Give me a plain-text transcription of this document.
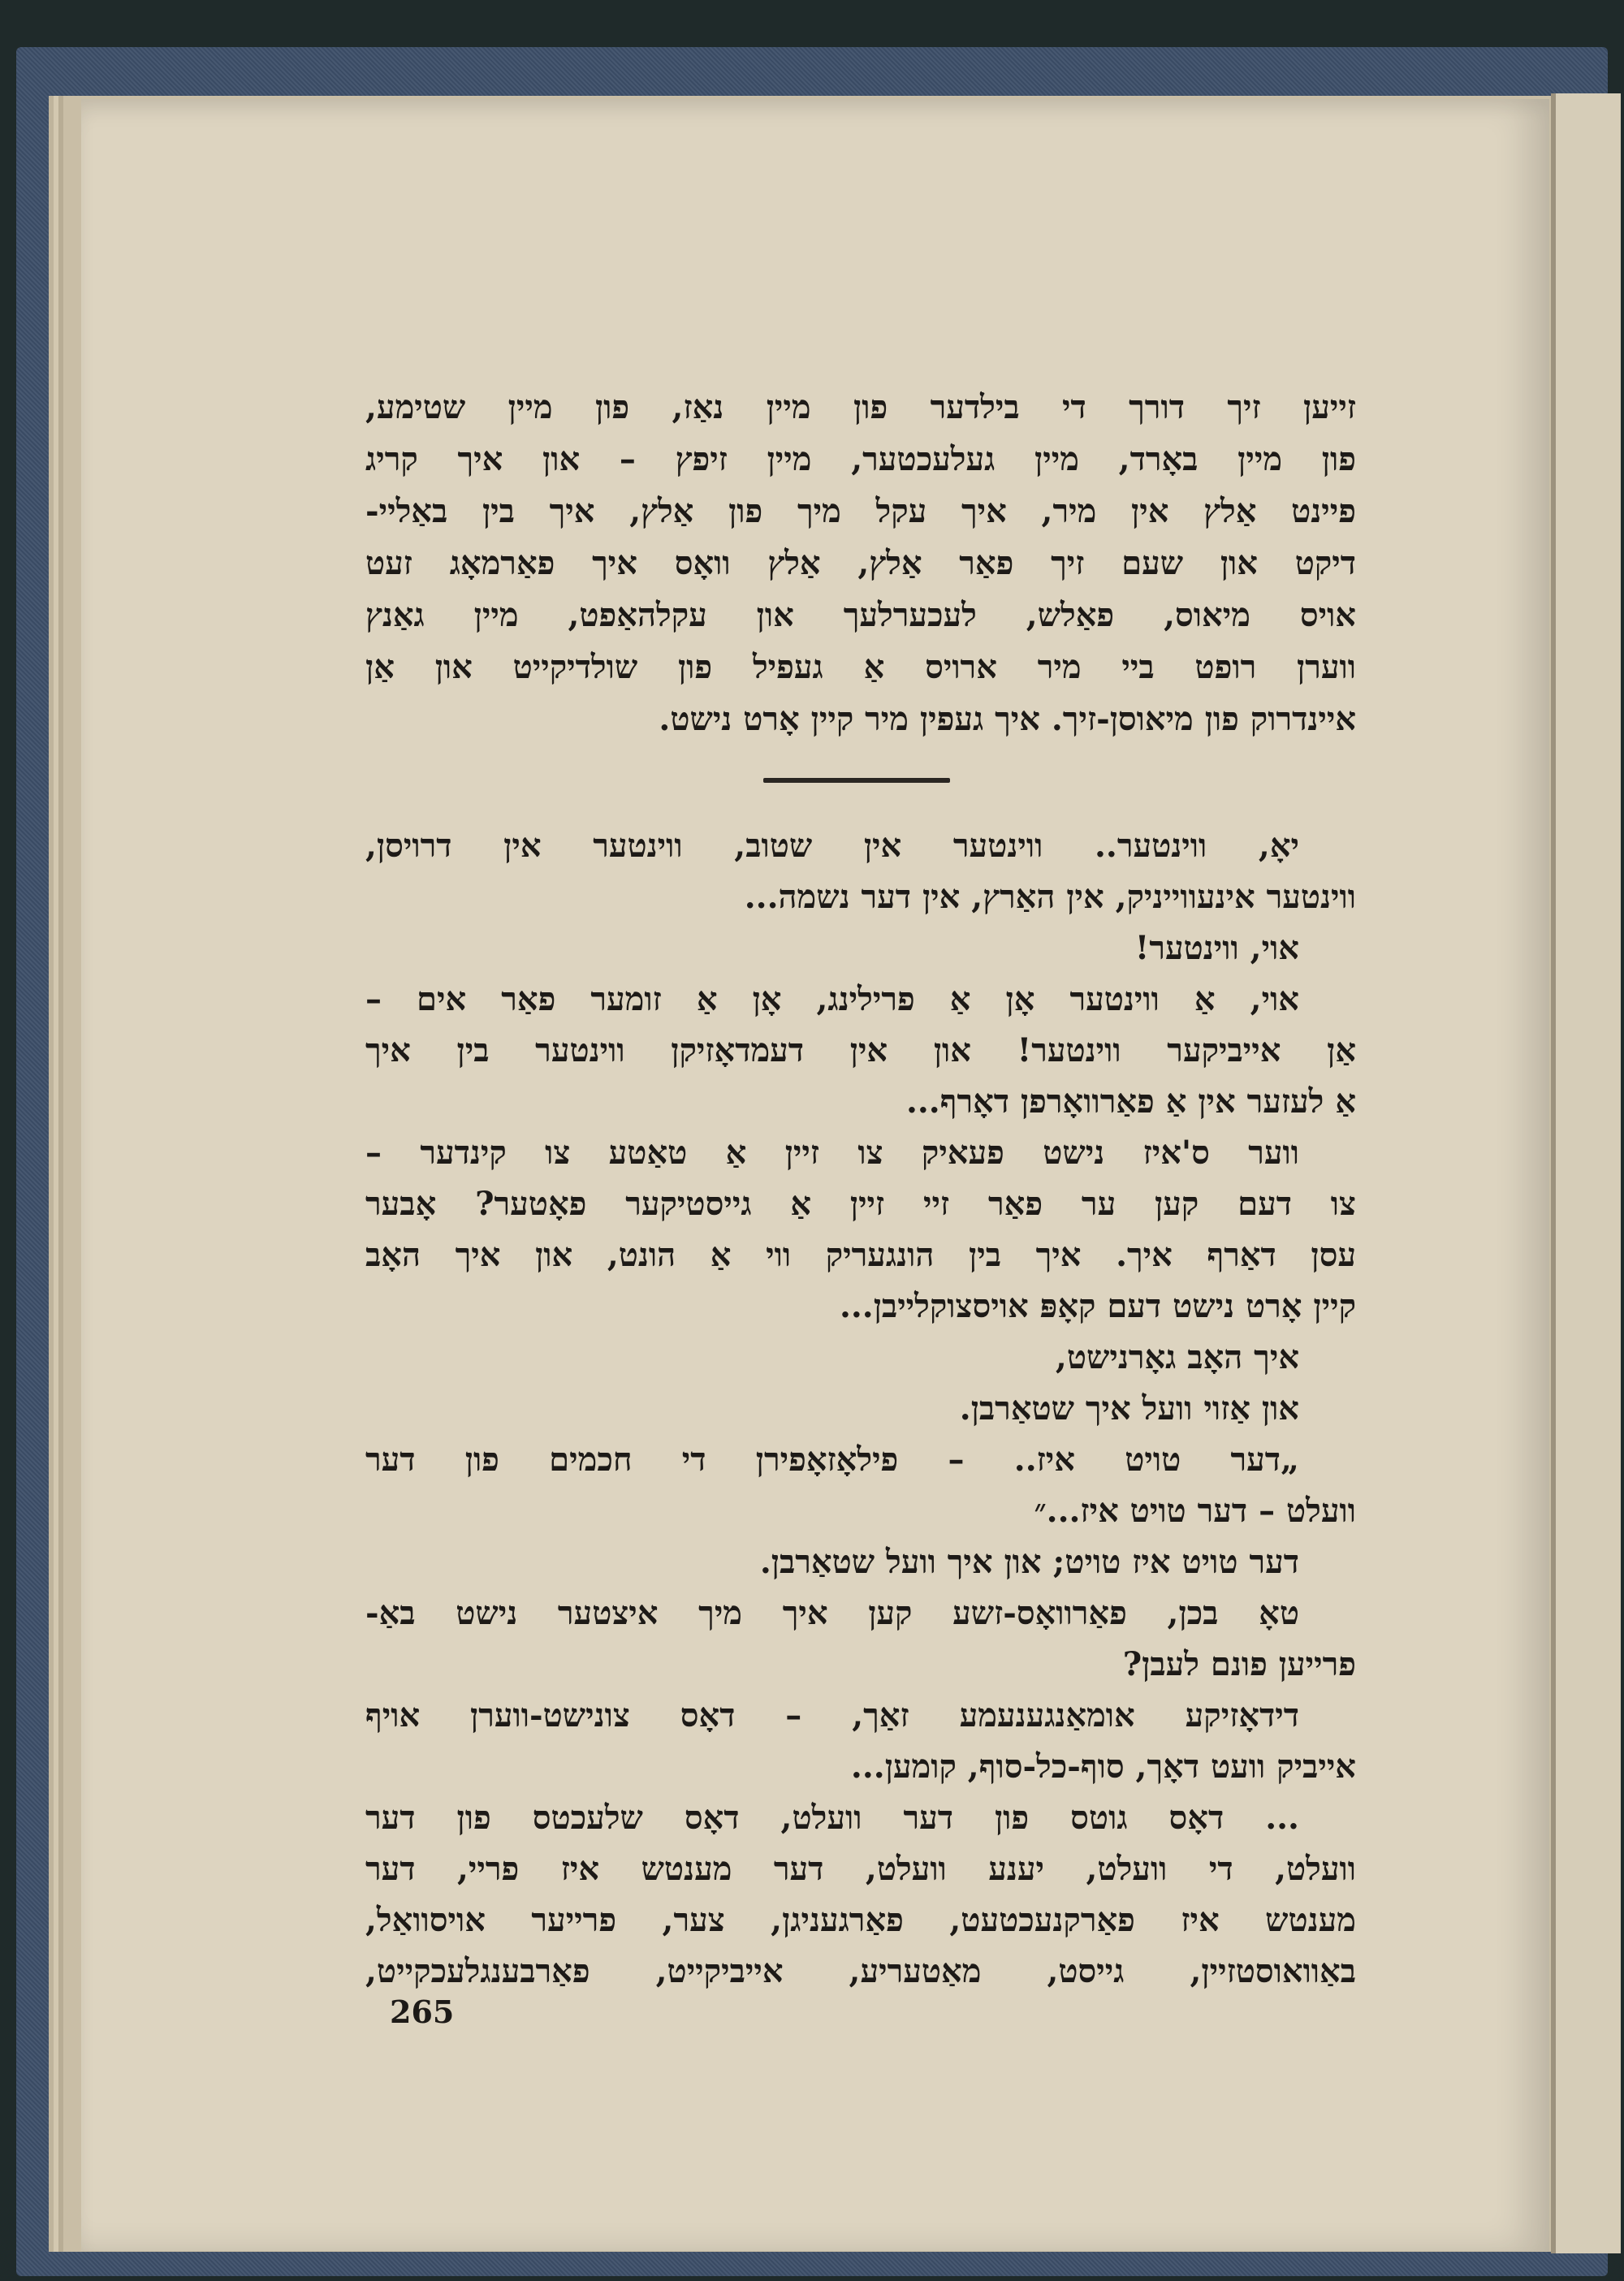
זייען זיך דורך די בילדער פון מיין נאַז, פון מיין שטימע,
פון מיין באָרד, מיין געלעכטער, מיין זיפץ – און איך קריג
פיינט אַלץ אין מיר, איך עקל מיך פון אַלץ, איך בין באַליי-
דיקט און שעם זיך פאַר אַלץ, אַלץ וואָס איך פאַרמאָג זעט
אויס מיאוס, פאַלש, לעכערלעך און עקלהאַפט, מיין גאַנץ
ווערן רופט ביי מיר ארויס אַ געפיל פון שולדיקייט און אַן
איינדרוק פון מיאוסן-זיך. איך געפין מיר קיין אָרט נישט.
יאָ, ווינטער.. ווינטער אין שטוב, ווינטער אין דרויסן,
ווינטער אינעווייניק, אין האַרץ, אין דער נשמה...
אוי, ווינטער!
אוי, אַ ווינטער אָן אַ פרילינג, אָן אַ זומער פאַר אים –
אַן אייביקער ווינטער! און אין דעמדאָזיקן ווינטער בין איך
אַ לעזער אין אַ פאַרוואָרפן דאָרף...
ווער ס'איז נישט פעאיק צו זיין אַ טאַטע צו קינדער –
צו דעם קען ער פאַר זיי זיין אַ גייסטיקער פאָטער? אָבער
עסן דאַרף איך. איך בין הונגעריק ווי אַ הונט, און איך האָב
קיין אָרט נישט דעם קאָפּ אויסצוקלייבן...
איך האָב גאָרנישט,
און אַזוי וועל איך שטאַרבן.
„דער טויט איז.. – פילאָזאָפירן די חכמים פון דער
וועלט – דער טויט איז...״
דער טויט איז טויט; און איך וועל שטאַרבן.
טאָ בכן, פאַרוואָס-זשע קען איך מיך איצטער נישט באַ-
פרייען פונם לעבן?
דידאָזיקע אומאַנגענעמע זאַך, – דאָס צונישט-ווערן אויף
אייביק וועט דאָך, סוף-כל-סוף, קומען...
... דאָס גוטס פון דער וועלט, דאָס שלעכטס פון דער
וועלט, די וועלט, יענע וועלט, דער מענטש איז פריי, דער
מענטש איז פאַרקנעכטעט, פאַרגעניגן, צער, פרייער אויסוואַל,
באַוואוסטזיין, גייסט, מאַטעריע, אייביקייט, פאַרבענגלעכקייט,
265
